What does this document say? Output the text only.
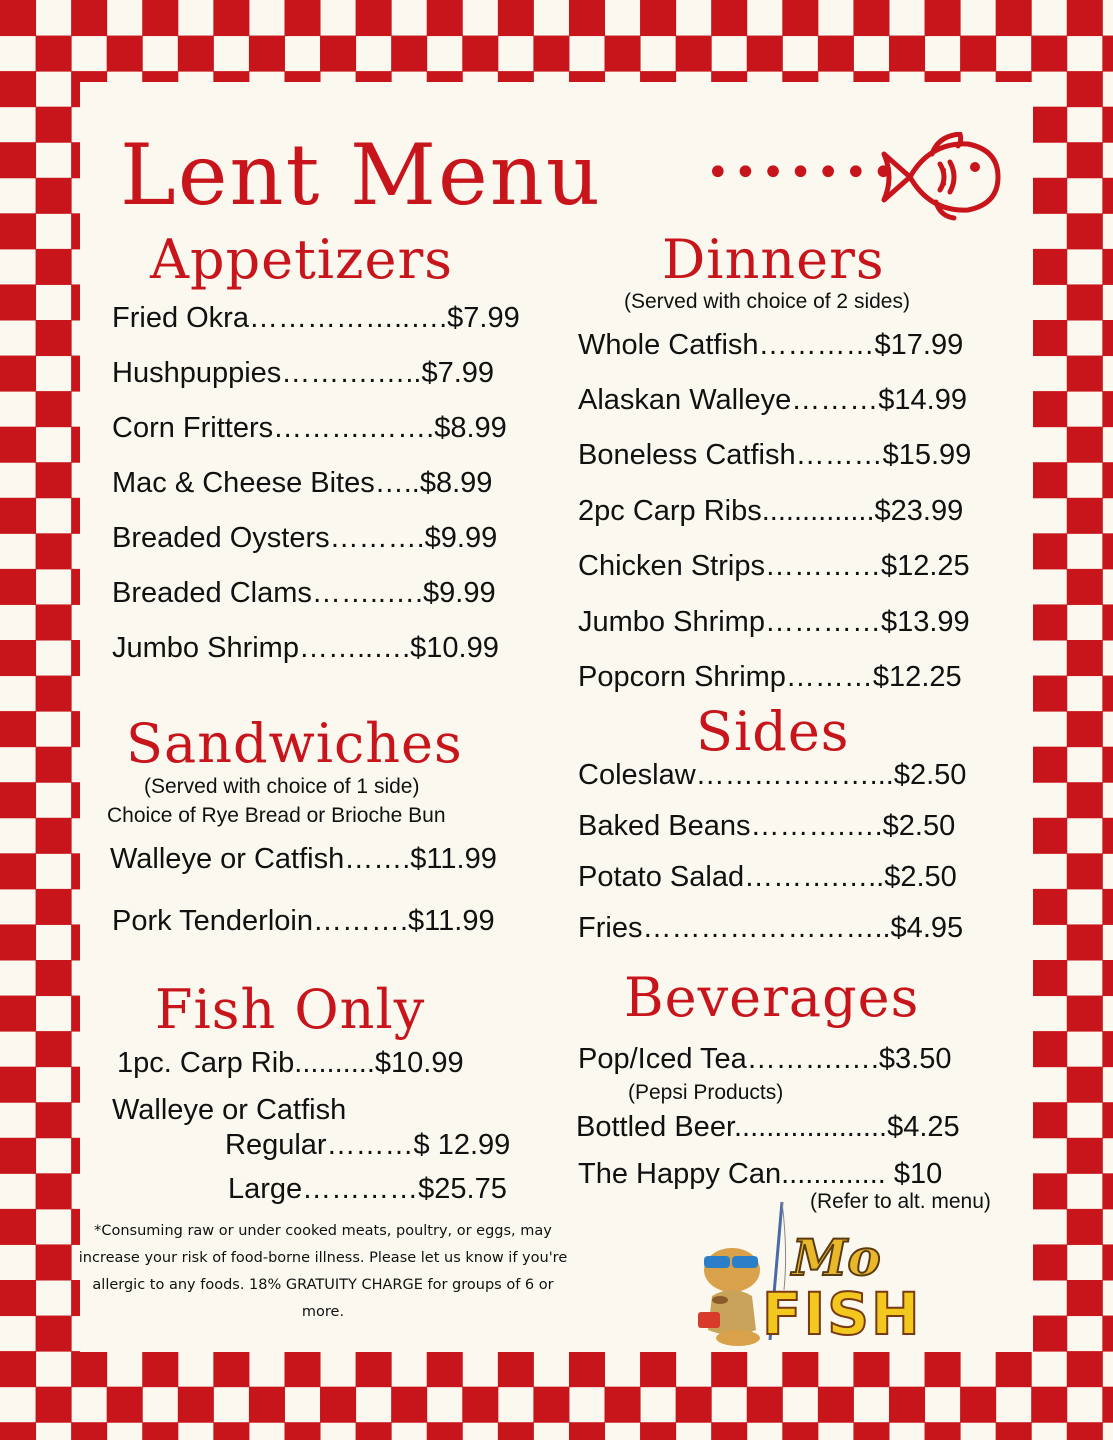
Lent Menu	•••••••
Appetizers
Fried Okra……………..….$7.99
Hushpuppies……….…..$7.99
Corn Fritters……….…….$8.99
Mac & Cheese Bites…..$8.99
Breaded Oysters……….$9.99
Breaded Clams……..….$9.99
Jumbo Shrimp……..….$10.99
Sandwiches
(Served with choice of 1 side)
Choice of Rye Bread or Brioche Bun
Walleye or Catfish…….$11.99
Pork Tenderloin……….$11.99
Fish Only
1pc. Carp Rib..........$10.99
Walleye or Catfish
Regular………$ 12.99
Large…………$25.75
*Consuming raw or under cooked meats, poultry, or eggs, may increase your risk of food-borne illness. Please let us know if you're allergic to any foods. 18% GRATUITY CHARGE for groups of 6 or more.
Dinners
(Served with choice of 2 sides)
Whole Catfish…………$17.99
Alaskan Walleye………$14.99
Boneless Catfish………$15.99
2pc Carp Ribs..............$23.99
Chicken Strips…………$12.25
Jumbo Shrimp…………$13.99
Popcorn Shrimp………$12.25
Sides
Coleslaw………………...$2.50
Baked Beans……….….$2.50
Potato Salad……….…..$2.50
Fries……………………..$4.95
Beverages
Pop/Iced Tea……….….$3.50
(Pepsi Products)
Bottled Beer...................$4.25
The Happy Can............. $10
(Refer to alt. menu)
Mo
FISH
